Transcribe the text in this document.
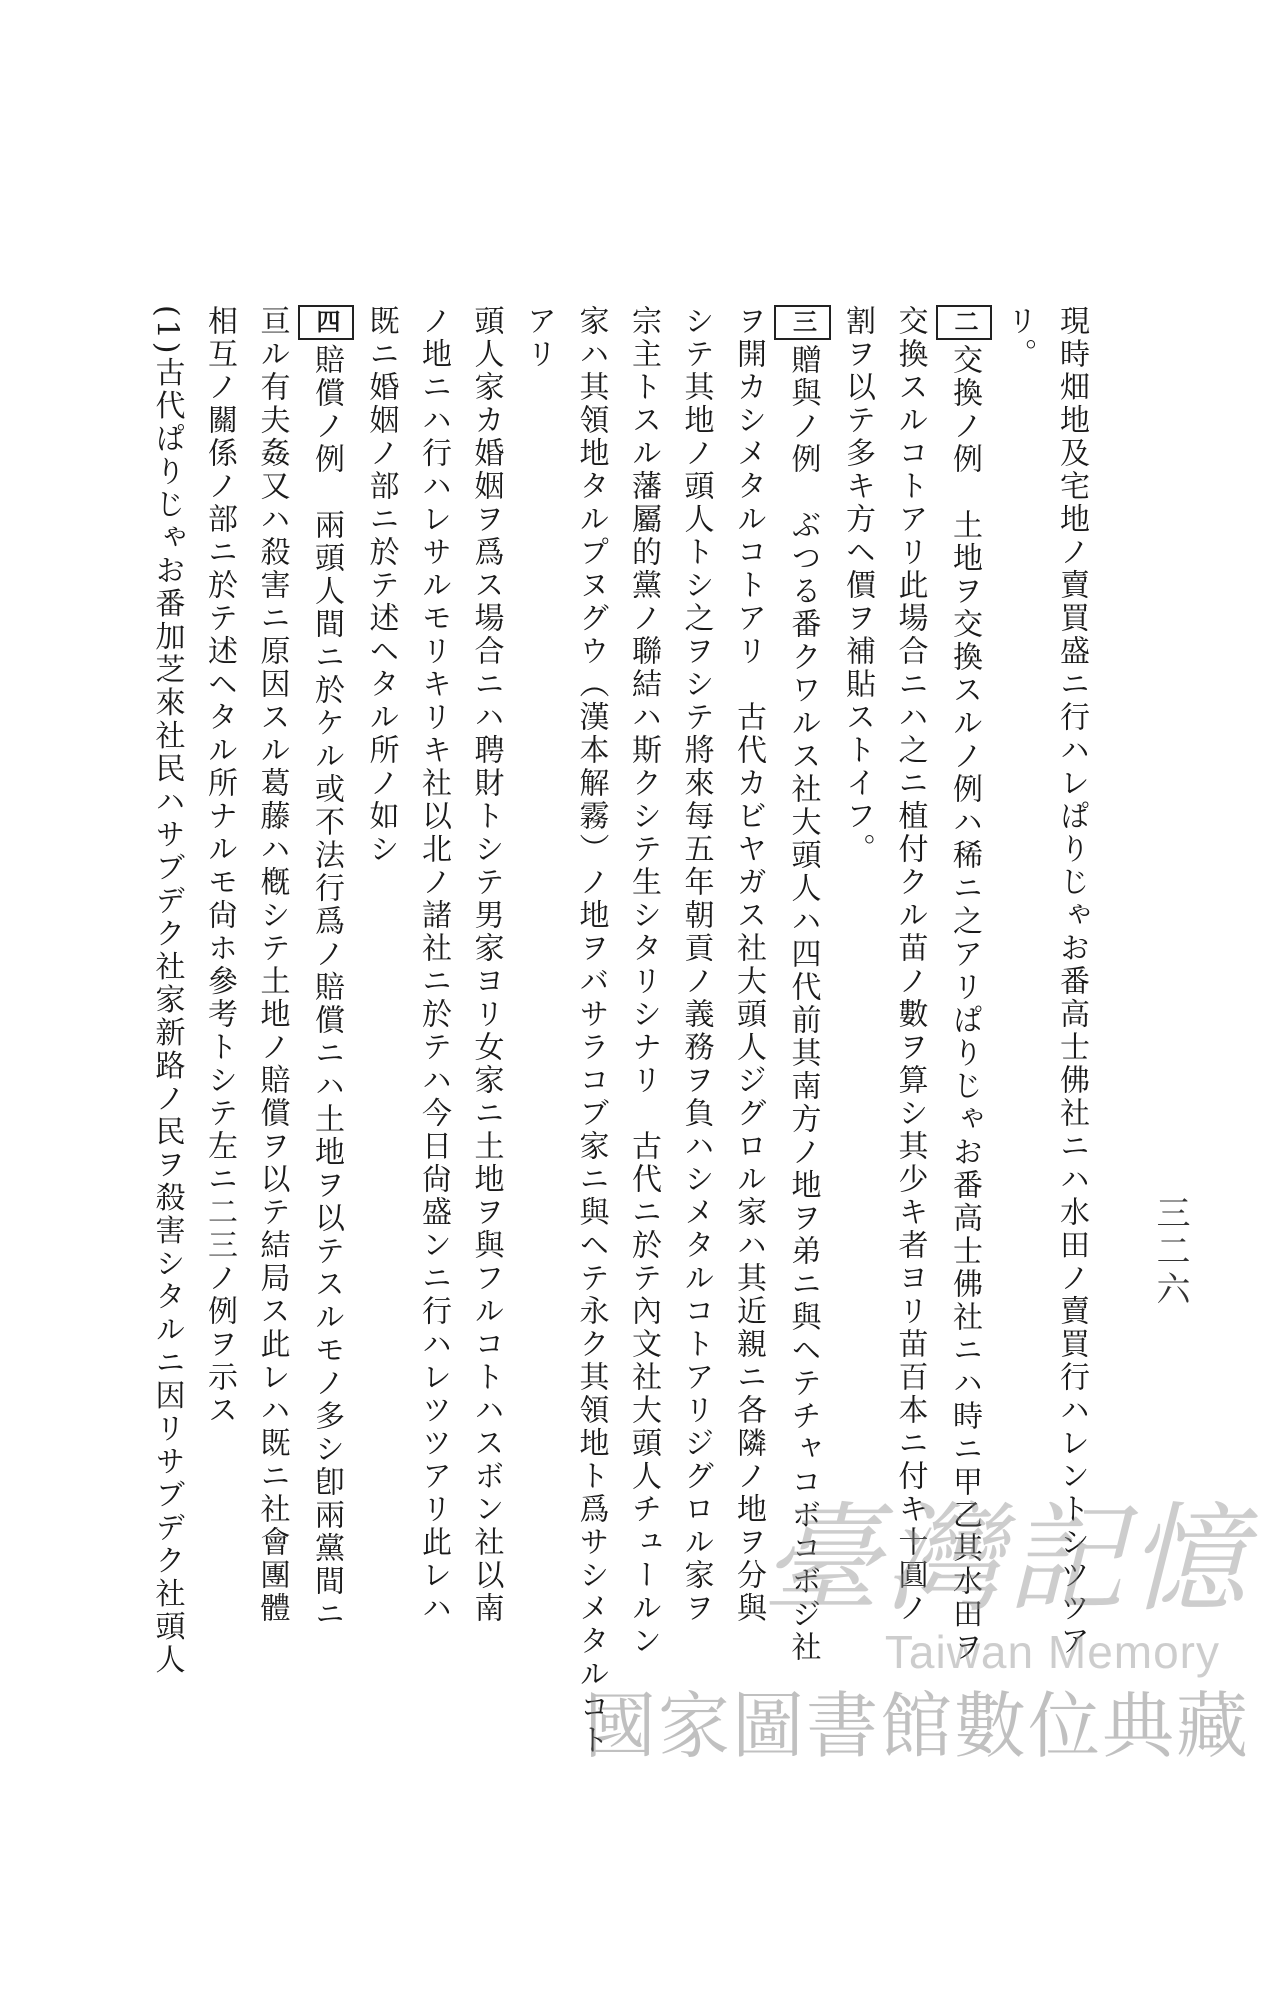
三二六

現時畑地及宅地ノ賣買盛ニ行ハレぱりじゃお番高士佛社ニハ水田ノ賣買行ハレントシツツア

リ。

二交換ノ例　土地ヲ交換スルノ例ハ稀ニ之アリぱりじゃお番高士佛社ニハ時ニ甲乙其水田ヲ

交換スルコトアリ此場合ニハ之ニ植付クル苗ノ數ヲ算シ其少キ者ヨリ苗百本ニ付キ十圓ノ

割ヲ以テ多キ方ヘ價ヲ補貼ストイフ。

三贈與ノ例　ぶつる番クワルス社大頭人ハ四代前其南方ノ地ヲ弟ニ與ヘテチャコボコボジ社

ヲ開カシメタルコトアリ　古代カビヤガス社大頭人ジグロル家ハ其近親ニ各隣ノ地ヲ分與

シテ其地ノ頭人トシ之ヲシテ將來每五年朝貢ノ義務ヲ負ハシメタルコトアリジグロル家ヲ

宗主トスル藩屬的黨ノ聯結ハ斯クシテ生シタリシナリ　古代ニ於テ內文社大頭人チュールン

家ハ其領地タルプヌグウ（漢本解霧）ノ地ヲバサラコブ家ニ與ヘテ永ク其領地ト爲サシメタルコト

アリ

頭人家カ婚姻ヲ爲ス場合ニハ聘財トシテ男家ヨリ女家ニ土地ヲ與フルコトハスボン社以南

ノ地ニハ行ハレサルモリキリキ社以北ノ諸社ニ於テハ今日尙盛ンニ行ハレツツアリ此レハ

既ニ婚姻ノ部ニ於テ述ヘタル所ノ如シ

四賠償ノ例　兩頭人間ニ於ケル或不法行爲ノ賠償ニハ土地ヲ以テスルモノ多シ卽兩黨間ニ

亘ル有夫姦又ハ殺害ニ原因スル葛藤ハ槪シテ土地ノ賠償ヲ以テ結局ス此レハ既ニ社會團體

相互ノ關係ノ部ニ於テ述ヘタル所ナルモ尙ホ參考トシテ左ニ二三ノ例ヲ示ス

(1)古代ぱりじゃお番加芝來社民ハサブデク社家新路ノ民ヲ殺害シタルニ因リサブデク社頭人	臺灣記憶
Taiwan Memory
國家圖書館數位典藏
